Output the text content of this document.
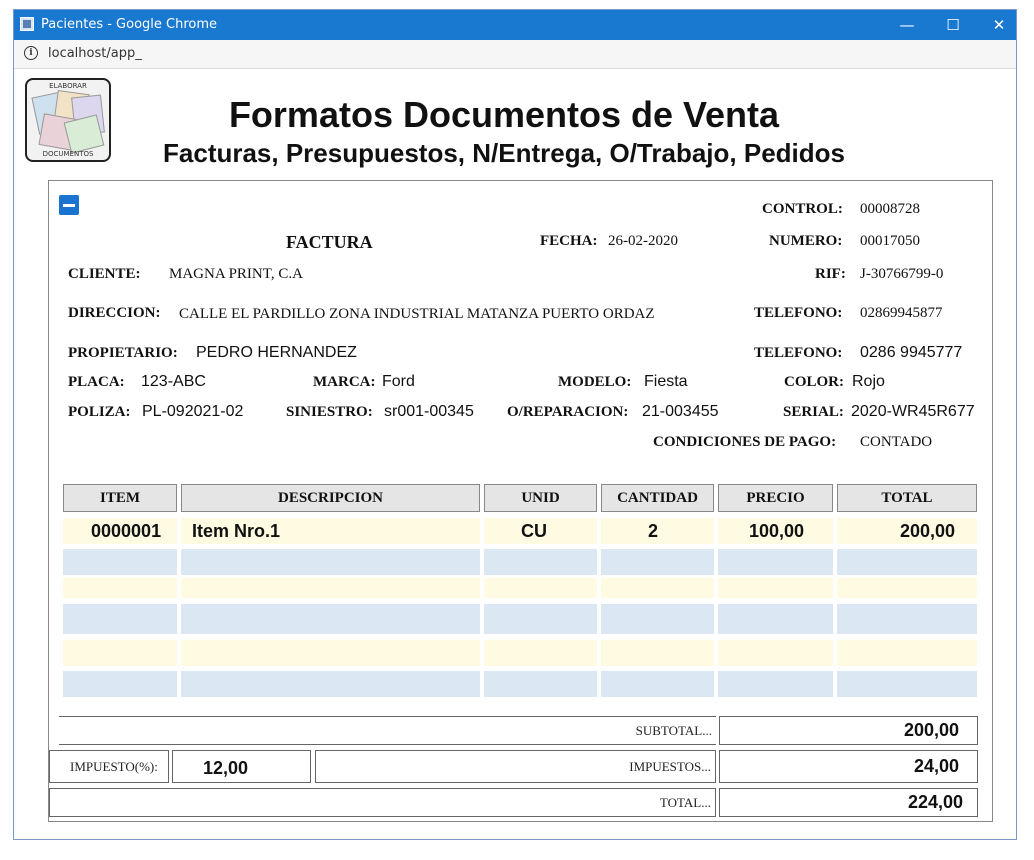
Pacientes - Google Chrome	—	☐	✕
i	localhost/app_
ELABORAR
DOCUMENTOS
Formatos Documentos de Venta
Facturas, Presupuestos, N/Entrega, O/Trabajo, Pedidos
CONTROL: 00008728
FACTURA	FECHA: 26-02-2020	NUMERO: 00017050
CLIENTE: MAGNA PRINT, C.A	RIF: J-30766799-0
DIRECCION: CALLE EL PARDILLO ZONA INDUSTRIAL MATANZA PUERTO ORDAZ	TELEFONO: 02869945877
PROPIETARIO: PEDRO HERNANDEZ	TELEFONO: 0286 9945777
PLACA: 123-ABC	MARCA: Ford	MODELO: Fiesta	COLOR: Rojo
POLIZA: PL-092021-02	SINIESTRO: sr001-00345 O/REPARACION: 21-003455	SERIAL: 2020-WR45R677
CONDICIONES DE PAGO: CONTADO
ITEM	DESCRIPCION	UNID	CANTIDAD	PRECIO	TOTAL
0000001 Item Nro.1	CU	2	100,00	200,00
SUBTOTAL...	200,00
IMPUESTO(%):	12,00	IMPUESTOS...	24,00
TOTAL...	224,00
